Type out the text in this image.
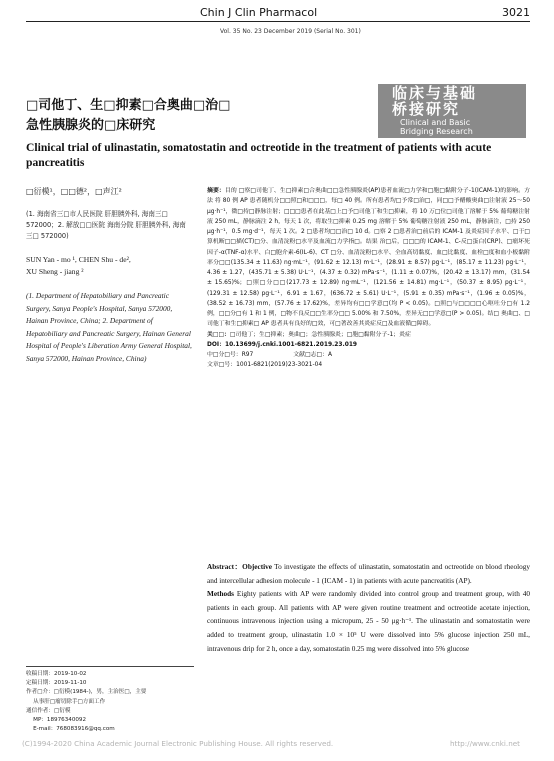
Chin J Clin Pharmacol	3021
Vol. 35 No. 23 December 2019 (Serial No. 301)
临床与基础
桥接研究
Clinical and Basic
Bridging Research
□司他丁、生□抑素□合奥曲□治□
急性胰腺炎的□床研究
Clinical trial of ulinastatin, somatostatin and octreotide in the treatment of patients with acute pancreatitis
□衍模¹，□□德²，□声江²
(1. 海南省三□市人民医院 肝胆胰外科, 海南三□ 572000；2. 解放□□医院 海南分院 肝胆胰外科, 海南 三□ 572000)
SUN Yan - mo ¹, CHEN Shu - de²,
XU Sheng - jiang ²
(1. Department of Hepatobiliary and Pancreatic Surgery, Sanya People's Hospital, Sanya 572000, Hainan Province, China; 2. Department of Hepatobiliary and Pancreatic Surgery, Hainan General Hospital of People's Liberation Army General Hospital, Sanya 572000, Hainan Province, China)
收稿日期：2019-10-02
定稿日期：2019-11-10
作者□介：□衍模(1984-)，男，主治医□，主要
从事肝□瘤切除手□方面工作
通信作者：□衍模
MP：18976340092
E-mail：768083916@qq.com

摘要：目的 □察□司他丁、生□抑素□合奥曲□□急性胰腺炎(AP)患者血流□力学和□胞□黏附分子-1(ICAM-1)的影响。方法 将 80 例 AP 患者随机分□□照□和□□□，每□ 40 例。所有患者均□予常□治□，同□□予醋酸奥曲□注射液 25～50 μg·h⁻¹，微□持□静脉注射；□□□患者在此基□上□予□司他丁和生□抑素，将 10 万□位□司他丁溶解于 5% 葡萄糖注射液 250 mL，静脉滴注 2 h，每天 1 次，将取生□抑素 0.25 mg 溶解于 5% 葡萄糖注射液 250 mL，静脉滴注，□持 250 μg·h⁻¹，0.5 mg·d⁻¹，每天 1 次。2 □患者均□□治□ 10 d。□察 2 □患者治□前后的 ICAM-1 及炎症因子水平、□于□算机断□□描(CT)□分、血清淀粉□水平及血流□力学指□。结果 治□后，□□□的 ICAM-1、C-反□蛋白(CRP)、□瘤坏死因子-α(TNF-α)水平、白□胞介素-6(IL-6)、CT □分、血清淀粉□水平、全血高切黏度、血□比黏度、血栓□度和血小板黏附率分□□(135.34 ± 11.63) ng·mL⁻¹，(91.62 ± 12.13) m·L⁻¹，(28.91 ± 8.57) pg·L⁻¹，(85.17 ± 11.23) pg·L⁻¹，4.36 ± 1.27，(435.71 ± 5.38) U·L⁻¹，(4.37 ± 0.32) mPa·s⁻¹，(1.11 ± 0.07)%，(20.42 ± 13.17) mm，(31.54 ± 15.65)%；□照□分□□(217.73 ± 12.89) ng·mL⁻¹，(121.56 ± 14.81) mg·L⁻¹，(50.37 ± 8.95) pg·L⁻¹，(129.31 ± 12.58) pg·L⁻¹，6.91 ± 1.67，(636.72 ± 5.61) U·L⁻¹，(5.91 ± 0.35) mPa·s⁻¹，(1.96 ± 0.05)%，(38.52 ± 16.73) mm，(57.76 ± 17.62)%，差异均有□□学意□(均 P < 0.05)。□照□与□□□□心呕吐分□有 1.2 例，□□分□有 1 和 1 例，□物不良反□□生率分□□ 5.00% 和 7.50%，差异无□□学意□(P > 0.05)。结□ 奥曲□、□司他丁和生□抑素□ AP 患者具有良好的□效，可□著改善其炎症反□及血液循□障碍。

关□□：□司他丁；生□抑素；奥曲□；急性胰腺炎；□胞□黏附分子-1；炎症

DOI：10.13699/j.cnki.1001-6821.2019.23.019

中□分□号：R97	文献□志□：A

文章□号：1001-6821(2019)23-3021-04

Abstract：Objective To investigate the effects of ulinastatin, somatostatin and octreotide on blood rheology and intercellular adhesion molecule - 1 (ICAM - 1) in patients with acute pancreatitis (AP).

Methods Eighty patients with AP were randomly divided into control group and treatment group, with 40 patients in each group. All patients with AP were given routine treatment and octreotide acetate injection, continuous intravenous injection using a micropum, 25 - 50 μg·h⁻¹. The ulinastatin and somatostatin were added to treatment group, ulinastatin 1.0 × 10⁵ U were dissolved into 5% glucose injection 250 mL, intravenous drip for 2 h, once a day, somatostatin 0.25 mg were dissolved into 5% glucose

(C)1994-2020 China Academic Journal Electronic Publishing House. All rights reserved.	http://www.cnki.net
